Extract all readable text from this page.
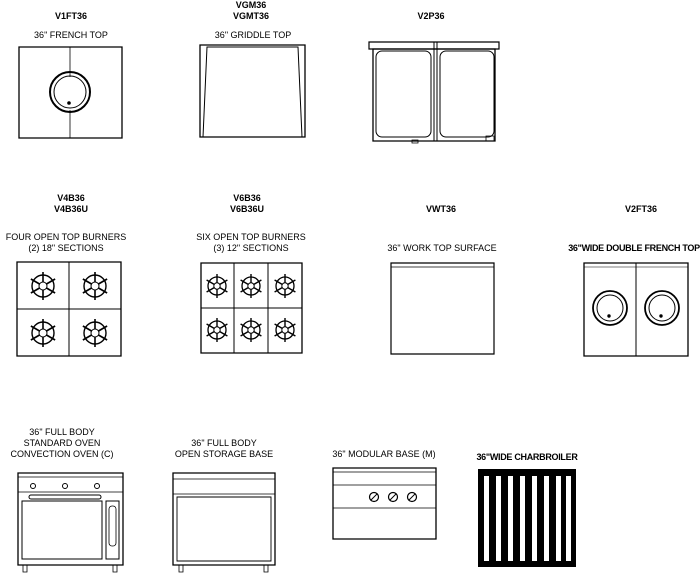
V1FT36
36" FRENCH TOP
VGM36
VGMT36
36" GRIDDLE TOP
V2P36
V4B36
V4B36U
FOUR OPEN TOP BURNERS
(2) 18" SECTIONS
V6B36
V6B36U
SIX OPEN TOP BURNERS
(3) 12" SECTIONS
VWT36
36" WORK TOP SURFACE
V2FT36
36"WIDE DOUBLE FRENCH TOP
36" FULL BODY
STANDARD OVEN
CONVECTION OVEN (C)
36" FULL BODY
OPEN STORAGE BASE	36" MODULAR BASE (M)	36"WIDE CHARBROILER
